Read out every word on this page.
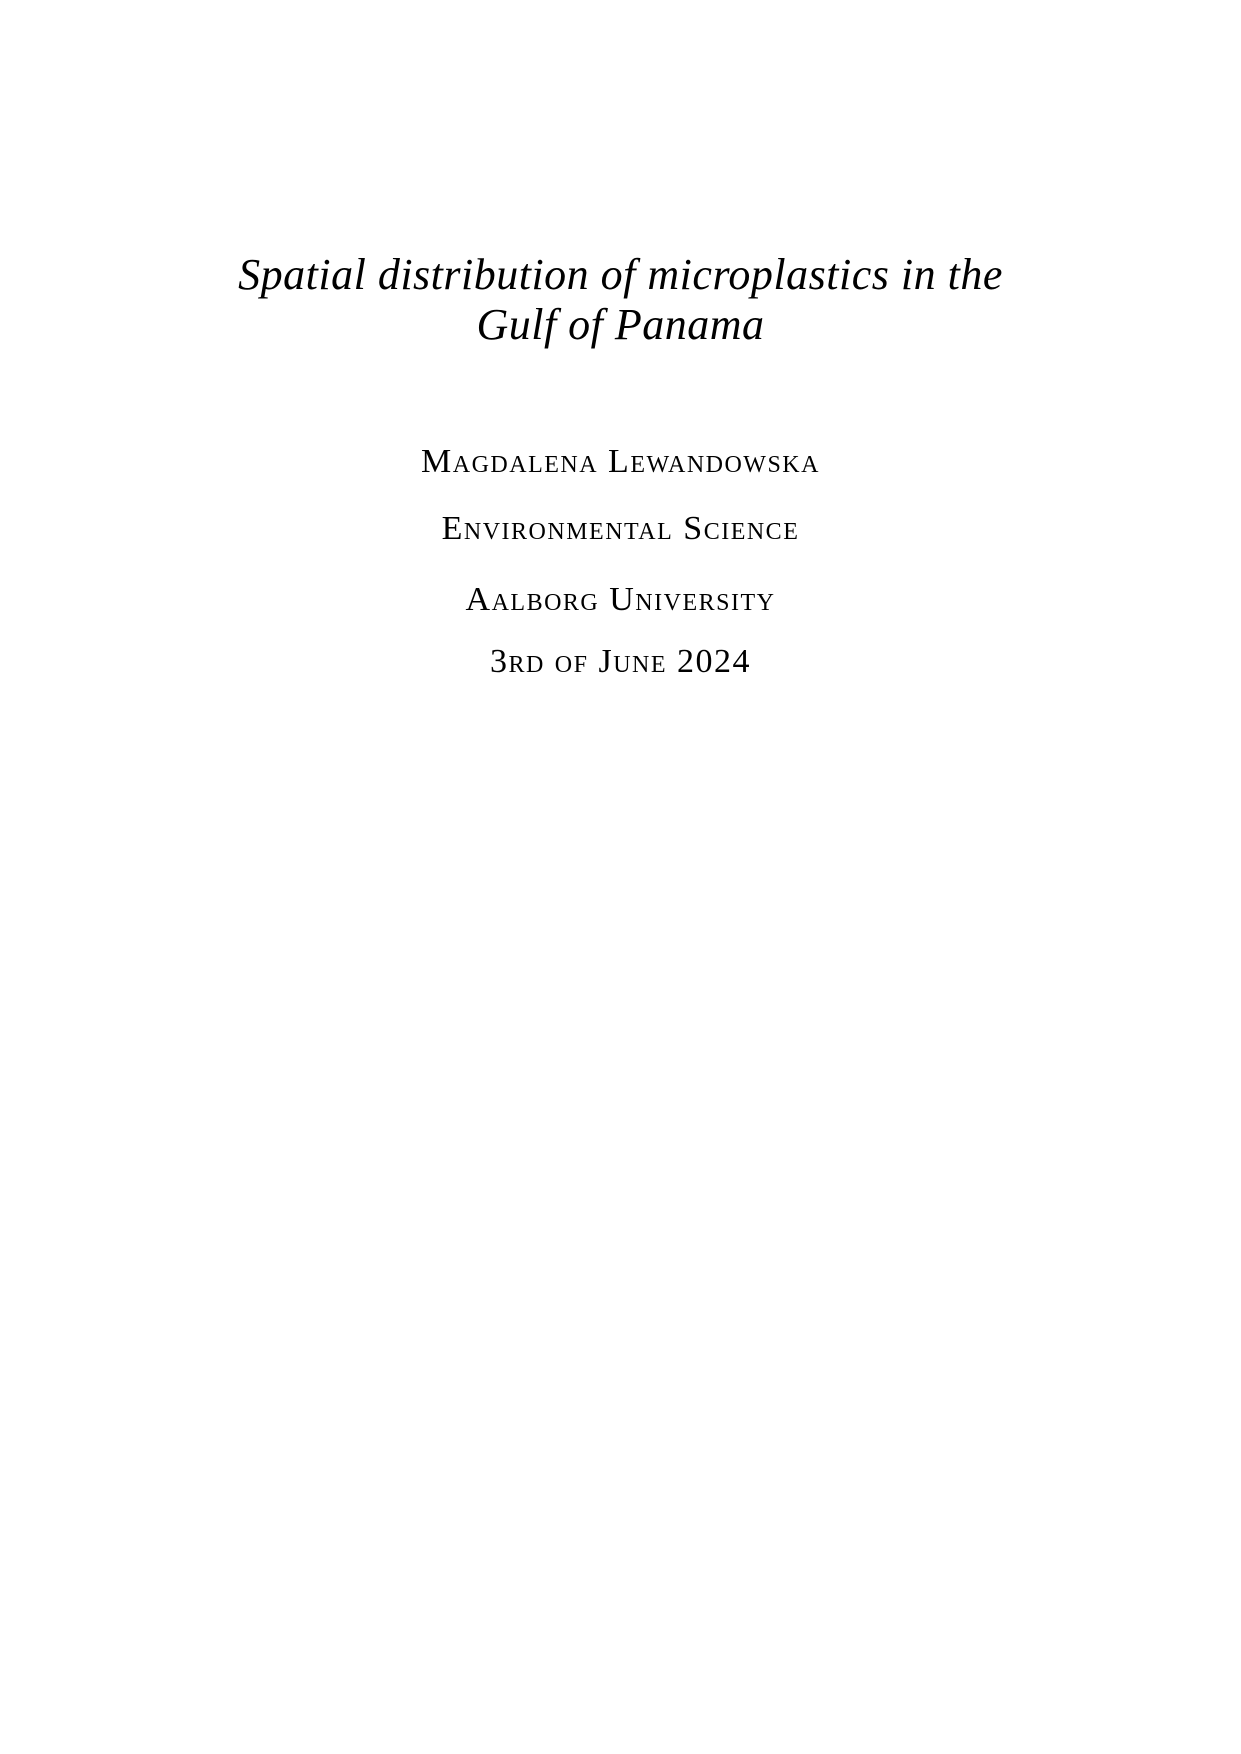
Spatial distribution of microplastics in the
Gulf of Panama
Magdalena Lewandowska
Environmental Science
Aalborg University
3rd of June 2024
